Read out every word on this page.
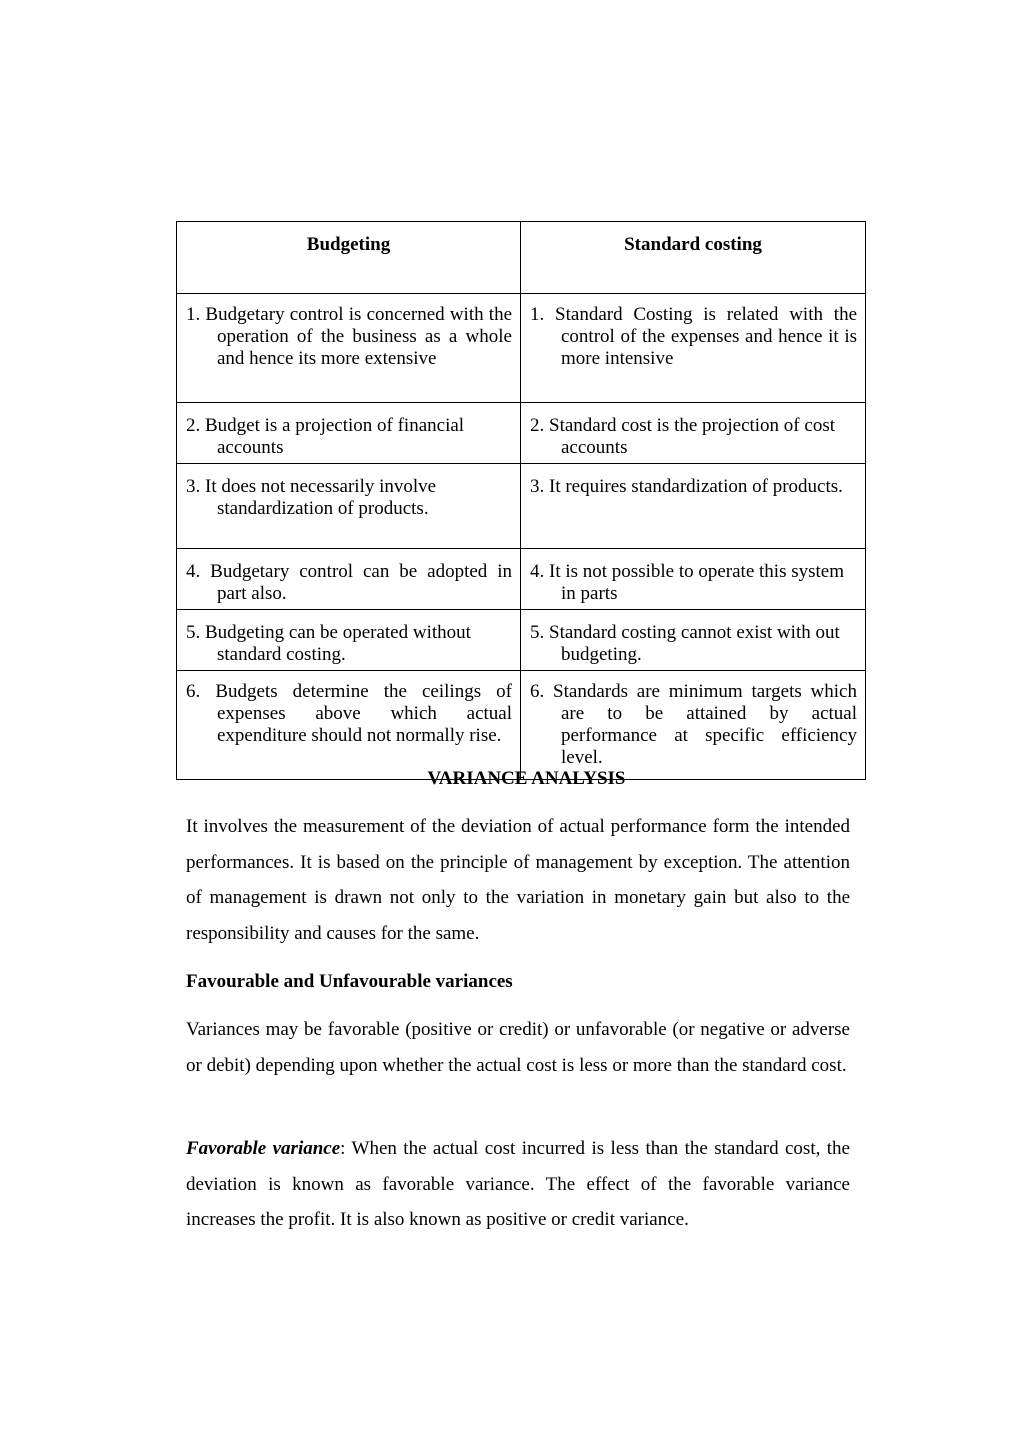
Budgeting	Standard costing

1. Budgetary control is concerned with the operation of the business as a whole and hence its more extensive	1. Standard Costing is related with the control of the expenses and hence it is more intensive

2. Budget is a projection of financial accounts	2. Standard cost is the projection of cost accounts

3. It does not necessarily involve standardization of products.	3. It requires standardization of products.

4. Budgetary control can be adopted in part also.	4. It is not possible to operate this system in parts

5. Budgeting can be operated without standard costing.	5. Standard costing cannot exist with out budgeting.

6. Budgets determine the ceilings of expenses above which actual expenditure should not normally rise.	6. Standards are minimum targets which are to be attained by actual performance at specific efficiency level.
VARIANCE ANALYSIS

It involves the measurement of the deviation of actual performance form the intended performances. It is based on the principle of management by exception. The attention of management is drawn not only to the variation in monetary gain but also to the responsibility and causes for the same.

Favourable and Unfavourable variances

Variances may be favorable (positive or credit) or unfavorable (or negative or adverse or debit) depending upon whether the actual cost is less or more than the standard cost.

Favorable variance: When the actual cost incurred is less than the standard cost, the deviation is known as favorable variance. The effect of the favorable variance increases the profit. It is also known as positive or credit variance.
